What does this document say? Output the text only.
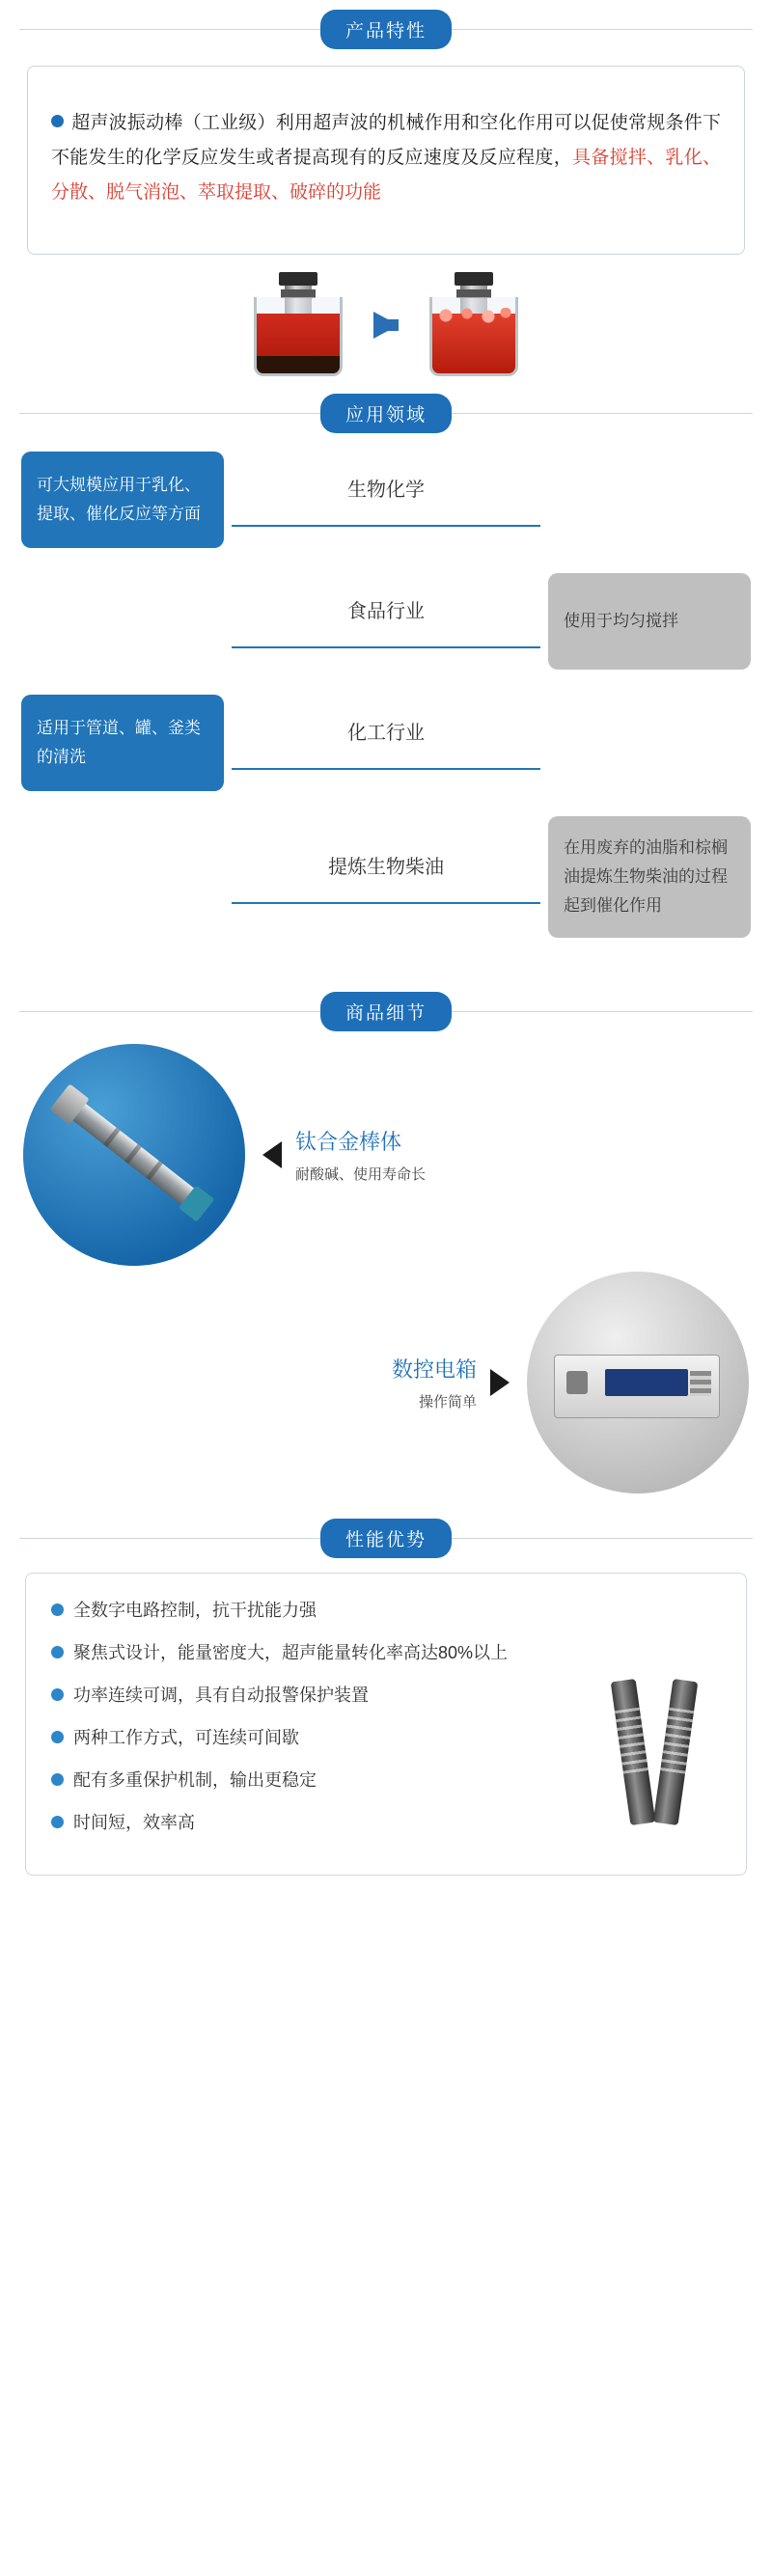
产品特性

超声波振动棒（工业级）利用超声波的机械作用和空化作用可以促使常规条件下不能发生的化学反应发生或者提高现有的反应速度及反应程度，具备搅拌、乳化、分散、脱气消泡、萃取提取、破碎的功能

应用领域
可大规模应用于乳化、提取、催化反应等方面
生物化学
食品行业	使用于均匀搅拌
适用于管道、罐、釜类的清洗
化工行业
提炼生物柴油
在用废弃的油脂和棕榈油提炼生物柴油的过程起到催化作用
商品细节
钛合金棒体
耐酸碱、使用寿命长
数控电箱
操作简单
性能优势
全数字电路控制，抗干扰能力强
聚焦式设计，能量密度大，超声能量转化率高达80%以上
功率连续可调，具有自动报警保护装置
两种工作方式，可连续可间歇
配有多重保护机制，输出更稳定
时间短，效率高
